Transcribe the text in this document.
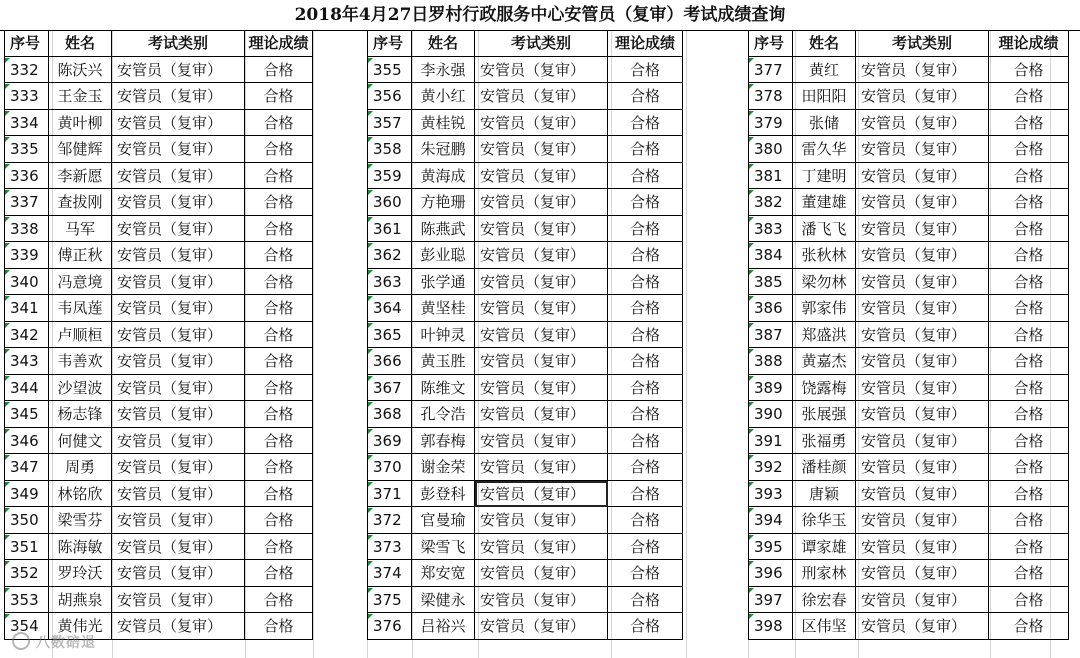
2018年4月27日罗村行政服务中心安管员（复审）考试成绩查询
序号	姓名	考试类别	理论成绩
332	陈沃兴 安管员（复审）	合格
333	王金玉 安管员（复审）	合格
334	黄叶柳 安管员（复审）	合格
335	邹健辉 安管员（复审）	合格
336	李新愿 安管员（复审）	合格
337	查拔刚 安管员（复审）	合格
338	马军	安管员（复审）	合格
339	傅正秋 安管员（复审）	合格
340	冯意境 安管员（复审）	合格
341	韦凤莲 安管员（复审）	合格
342	卢顺桓 安管员（复审）	合格
343	韦善欢 安管员（复审）	合格
344	沙望波 安管员（复审）	合格
345	杨志锋 安管员（复审）	合格
346	何健文 安管员（复审）	合格
347	周勇	安管员（复审）	合格
349	林铭欣 安管员（复审）	合格
350	梁雪芬 安管员（复审）	合格
351	陈海敏 安管员（复审）	合格
352	罗玲沃 安管员（复审）	合格
353	胡燕泉 安管员（复审）	合格
354	黄伟光 安管员（复审）	合格
序号	姓名	考试类别	理论成绩
355	李永强 安管员（复审）	合格
356	黄小红 安管员（复审）	合格
357	黄桂锐 安管员（复审）	合格
358	朱冠鹏 安管员（复审）	合格
359	黄海成 安管员（复审）	合格
360	方艳珊 安管员（复审）	合格
361	陈燕武 安管员（复审）	合格
362	彭业聪 安管员（复审）	合格
363	张学通 安管员（复审）	合格
364	黄坚桂 安管员（复审）	合格
365	叶钟灵 安管员（复审）	合格
366	黄玉胜 安管员（复审）	合格
367	陈维文 安管员（复审）	合格
368	孔令浩 安管员（复审）	合格
369	郭春梅 安管员（复审）	合格
370	谢金荣 安管员（复审）	合格
371	彭登科 安管员（复审）	合格
372	官曼瑜 安管员（复审）	合格
373	梁雪飞 安管员（复审）	合格
374	郑安宽 安管员（复审）	合格
375	梁健永 安管员（复审）	合格
376	吕裕兴 安管员（复审）	合格
序号	姓名	考试类别	理论成绩
377	黄红	安管员（复审）	合格
378	田阳阳 安管员（复审）	合格
379	张储	安管员（复审）	合格
380	雷久华 安管员（复审）	合格
381	丁建明 安管员（复审）	合格
382	董建雄 安管员（复审）	合格
383	潘飞飞 安管员（复审）	合格
384	张秋林 安管员（复审）	合格
385	梁勿林 安管员（复审）	合格
386	郭家伟 安管员（复审）	合格
387	郑盛洪 安管员（复审）	合格
388	黄嘉杰 安管员（复审）	合格
389	饶露梅 安管员（复审）	合格
390	张展强 安管员（复审）	合格
391	张福勇 安管员（复审）	合格
392	潘桂颜 安管员（复审）	合格
393	唐颖	安管员（复审）	合格
394	徐华玉 安管员（复审）	合格
395	谭家雄 安管员（复审）	合格
396	刑家林 安管员（复审）	合格
397	徐宏春 安管员（复审）	合格
398	区伟坚 安管员（复审）	合格
八数碚退
